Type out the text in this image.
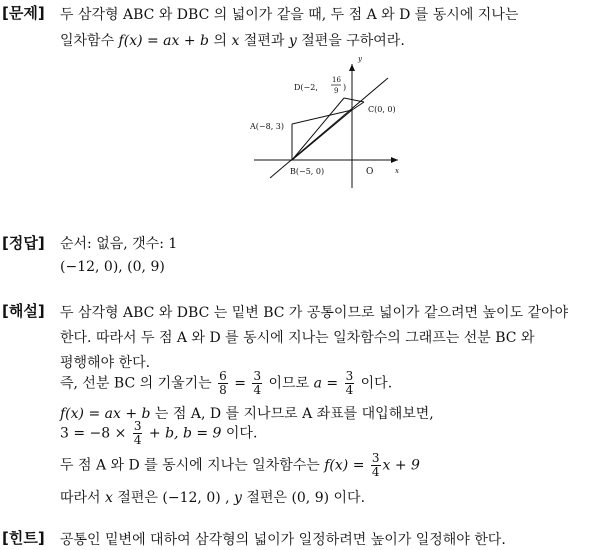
[문제] 두 삼각형 ABC 와 DBC 의 넓이가 같을 때, 두 점 A 와 D 를 동시에 지나는
일차함수 f(x) = ax + b 의 x 절편과 y 절편을 구하여라.
y
x
O
A(−8, 3)
B(−5, 0)
C(0, 0)
D(−2,
16
9 )
[정답] 순서: 없음, 갯수: 1
(−12, 0), (0, 9)
[해설] 두 삼각형 ABC 와 DBC 는 밑변 BC 가 공통이므로 넓이가 같으려면 높이도 같아야
한다. 따라서 두 점 A 와 D 를 동시에 지나는 일차함수의 그래프는 선분 BC 와
평행해야 한다.
즉, 선분 BC 의 기울기는 $\frac{6}{8} = \frac{3}{4}$ 이므로 $a = \frac{3}{4}$ 이다.
f(x) = ax + b 는 점 A, D 를 지나므로 A 좌표를 대입해보면,
$3 = -8 \times \frac{3}{4} + b$, b = 9 이다.
두 점 A 와 D 를 동시에 지나는 일차함수는 $f(x) = \frac{3}{4}$ x + 9
따라서 x 절편은 (−12, 0) , y 절편은 (0, 9) 이다.
[힌트] 공통인 밑변에 대하여 삼각형의 넓이가 일정하려면 높이가 일정해야 한다.
